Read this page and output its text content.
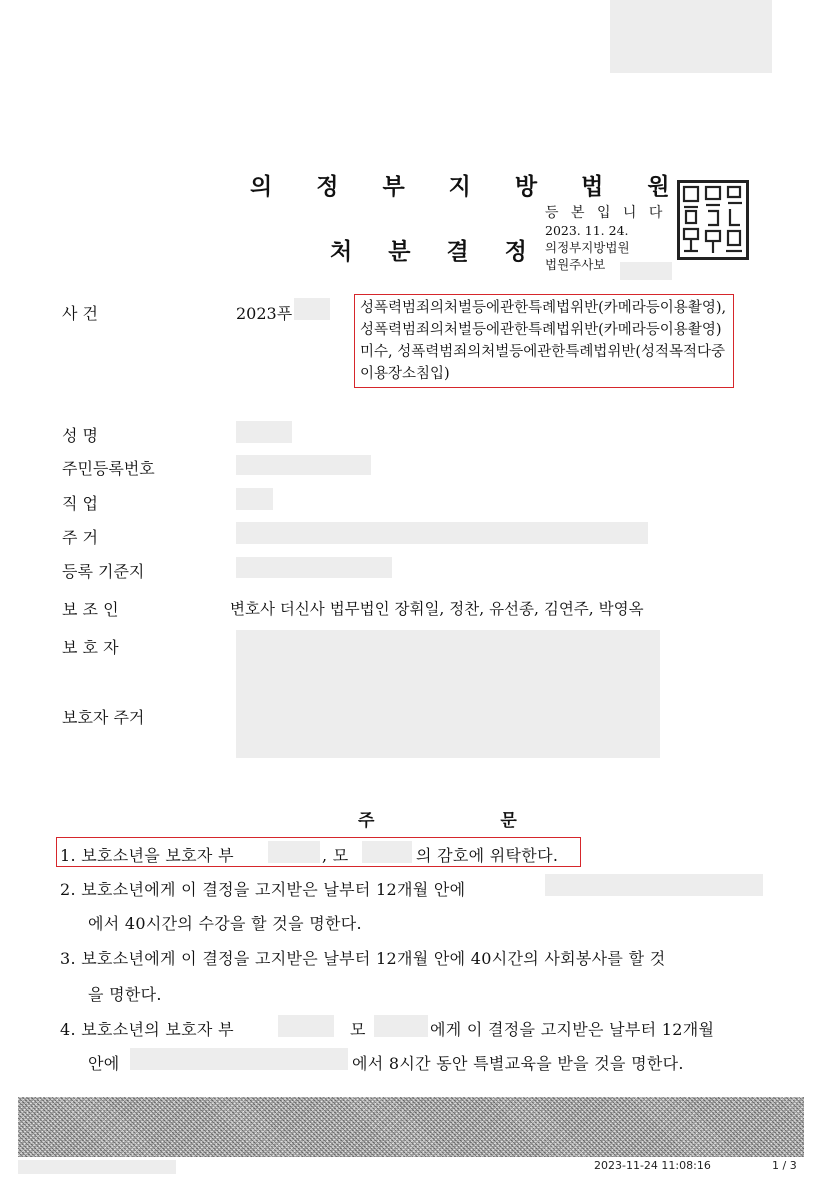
의 정 부 지 방 법 원
처 분 결 정
등 본 입 니 다
2023. 11. 24.
의정부지방법원
법원주사보
사 건	2023푸	성폭력범죄의처벌등에관한특례법위반(카메라등이용촬영), 성폭력범죄의처벌등에관한특례법위반(카메라등이용촬영)미수, 성폭력범죄의처벌등에관한특례법위반(성적목적다중이용장소침입)
성 명
주민등록번호
직 업
주 거
등록 기준지
보 조 인	변호사 더신사 법무법인 장휘일, 정찬, 유선종, 김연주, 박영옥
보 호 자
보호자 주거
주 문
1. 보호소년을 보호자 부	, 모	의 감호에 위탁한다.
2. 보호소년에게 이 결정을 고지받은 날부터 12개월 안에
에서 40시간의 수강을 할 것을 명한다.
3. 보호소년에게 이 결정을 고지받은 날부터 12개월 안에 40시간의 사회봉사를 할 것
을 명한다.
4. 보호소년의 보호자 부	모	에게 이 결정을 고지받은 날부터 12개월
안에	에서 8시간 동안 특별교육을 받을 것을 명한다.
2023-11-24 11:08:16	1 / 3
